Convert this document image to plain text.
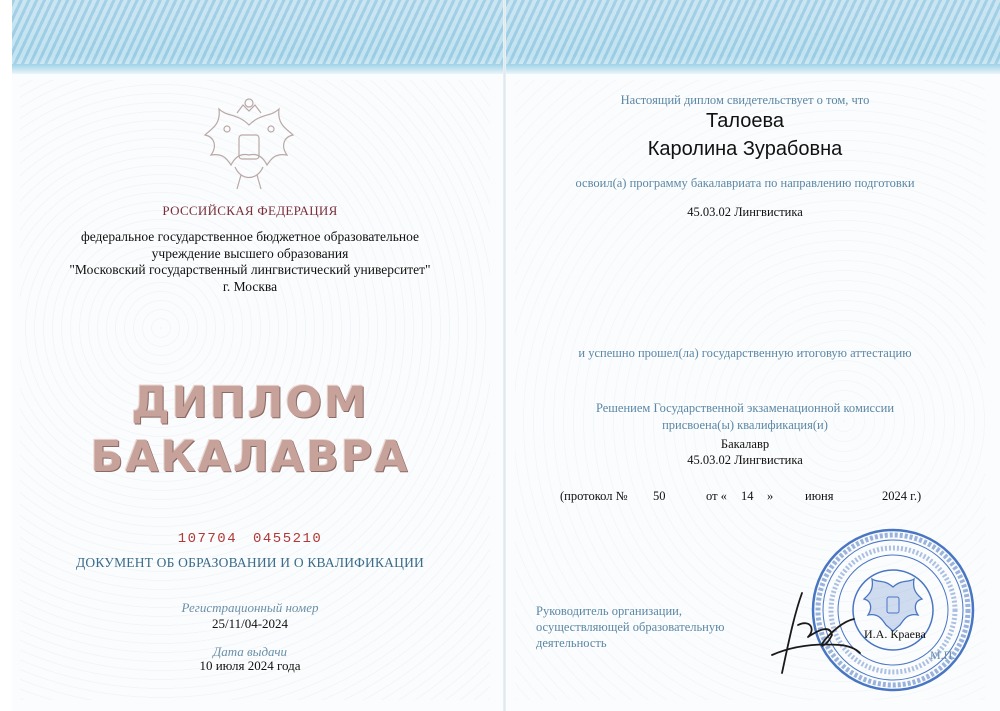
РОССИЙСКАЯ ФЕДЕРАЦИЯ
федеральное государственное бюджетное образовательное
учреждение высшего образования
"Московский государственный лингвистический университет"
г. Москва
ДИПЛОМ
БАКАЛАВРА
107704 0455210
ДОКУМЕНТ ОБ ОБРАЗОВАНИИ И О КВАЛИФИКАЦИИ
Регистрационный номер
25/11/04-2024
Дата выдачи
10 июля 2024 года
Настоящий диплом свидетельствует о том, что
Талоева
Каролина Зурабовна
освоил(а) программу бакалавриата по направлению подготовки
45.03.02 Лингвистика
и успешно прошел(ла) государственную итоговую аттестацию
Решением Государственной экзаменационной комиссии
присвоена(ы) квалификация(и)
Бакалавр
45.03.02 Лингвистика
(протокол № 50	от « 14 »	июня	2024 г.)
Руководитель организации,
осуществляющей образовательную
деятельность
И.А. Краева
М.П.
